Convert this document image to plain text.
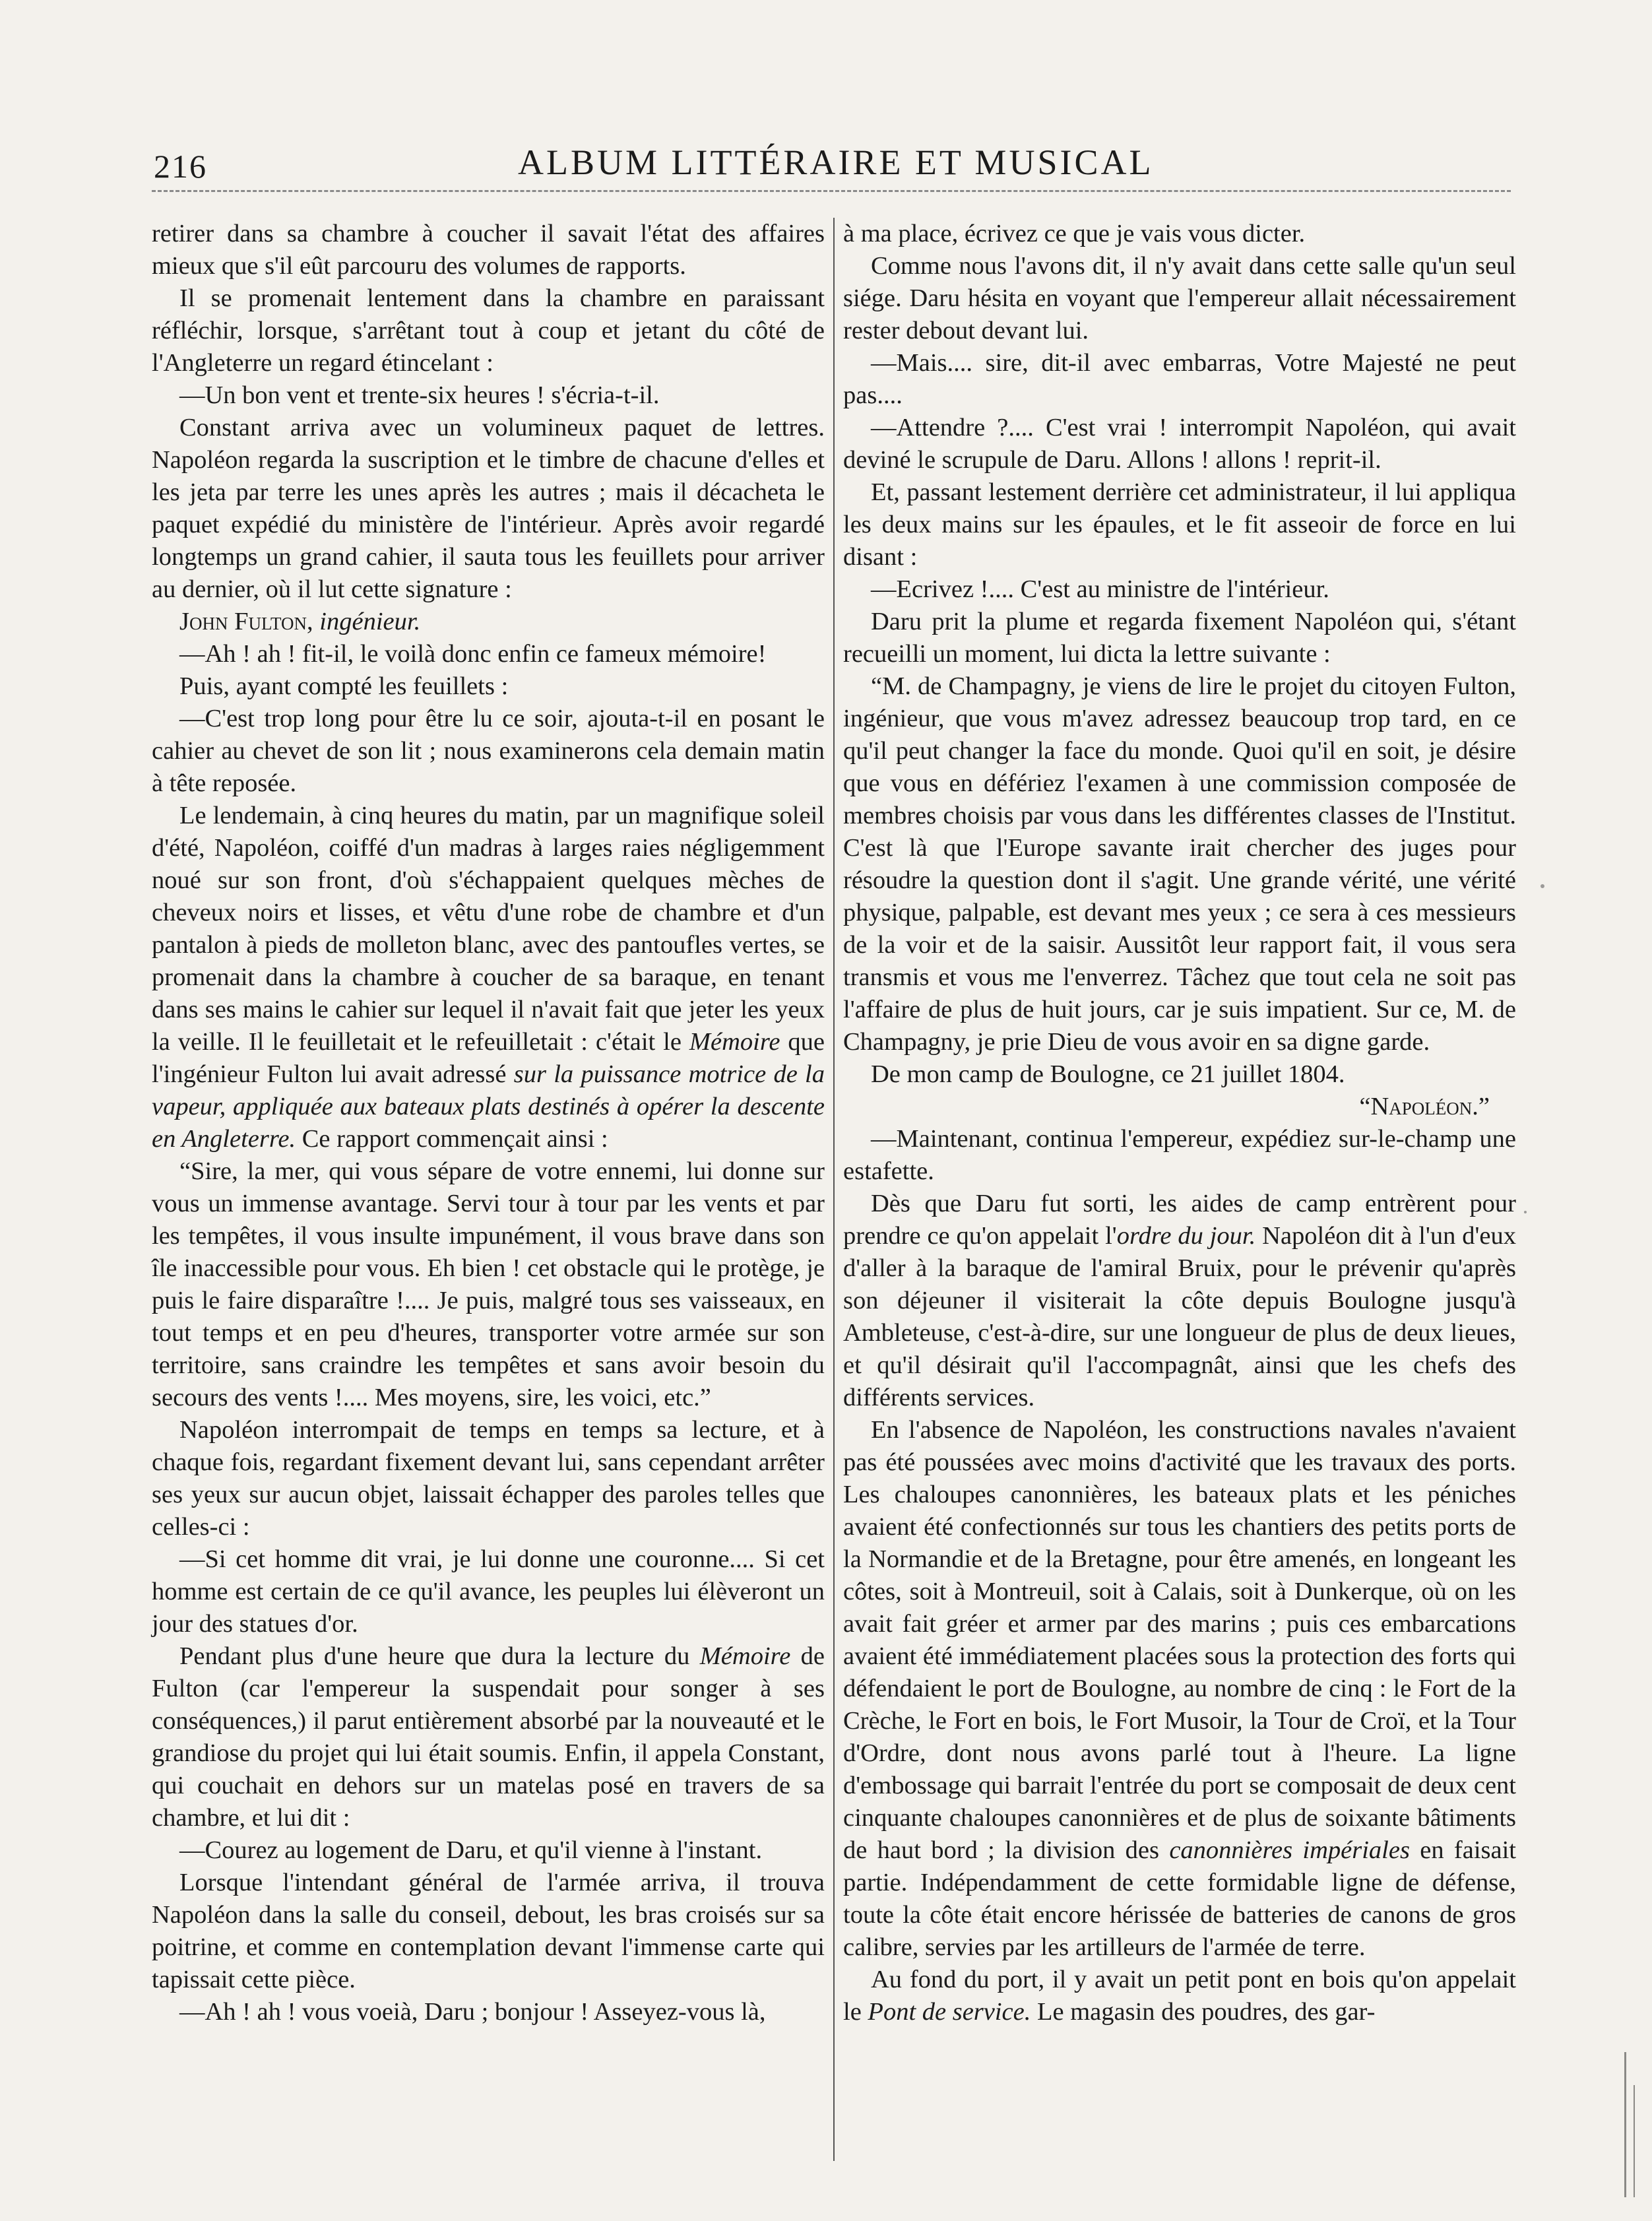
216	ALBUM LITTÉRAIRE ET MUSICAL

retirer dans sa chambre à coucher il savait l'état des affaires mieux que s'il eût parcouru des volumes de rapports.

Il se promenait lentement dans la chambre en paraissant réfléchir, lorsque, s'arrêtant tout à coup et jetant du côté de l'Angleterre un regard étincelant :

—Un bon vent et trente-six heures ! s'écria-t-il.

Constant arriva avec un volumineux paquet de lettres. Napoléon regarda la suscription et le timbre de chacune d'elles et les jeta par terre les unes après les autres ; mais il décacheta le paquet expédié du ministère de l'intérieur. Après avoir regardé longtemps un grand cahier, il sauta tous les feuillets pour arriver au dernier, où il lut cette signature :

John Fulton, ingénieur.

—Ah ! ah ! fit-il, le voilà donc enfin ce fameux mémoire!

Puis, ayant compté les feuillets :

—C'est trop long pour être lu ce soir, ajouta-t-il en posant le cahier au chevet de son lit ; nous examinerons cela demain matin à tête reposée.

Le lendemain, à cinq heures du matin, par un magnifique soleil d'été, Napoléon, coiffé d'un madras à larges raies négligemment noué sur son front, d'où s'échappaient quelques mèches de cheveux noirs et lisses, et vêtu d'une robe de chambre et d'un pantalon à pieds de molleton blanc, avec des pantoufles vertes, se promenait dans la chambre à coucher de sa baraque, en tenant dans ses mains le cahier sur lequel il n'avait fait que jeter les yeux la veille. Il le feuilletait et le refeuilletait : c'était le Mémoire que l'ingénieur Fulton lui avait adressé sur la puissance motrice de la vapeur, appliquée aux bateaux plats destinés à opérer la descente en Angleterre. Ce rapport commençait ainsi :

“Sire, la mer, qui vous sépare de votre ennemi, lui donne sur vous un immense avantage. Servi tour à tour par les vents et par les tempêtes, il vous insulte impunément, il vous brave dans son île inaccessible pour vous. Eh bien ! cet obstacle qui le protège, je puis le faire disparaître !.... Je puis, malgré tous ses vaisseaux, en tout temps et en peu d'heures, transporter votre armée sur son territoire, sans craindre les tempêtes et sans avoir besoin du secours des vents !.... Mes moyens, sire, les voici, etc.”

Napoléon interrompait de temps en temps sa lecture, et à chaque fois, regardant fixement devant lui, sans cependant arrêter ses yeux sur aucun objet, laissait échapper des paroles telles que celles-ci :

—Si cet homme dit vrai, je lui donne une couronne.... Si cet homme est certain de ce qu'il avance, les peuples lui élèveront un jour des statues d'or.

Pendant plus d'une heure que dura la lecture du Mémoire de Fulton (car l'empereur la suspendait pour songer à ses conséquences,) il parut entièrement absorbé par la nouveauté et le grandiose du projet qui lui était soumis. Enfin, il appela Constant, qui couchait en dehors sur un matelas posé en travers de sa chambre, et lui dit :

—Courez au logement de Daru, et qu'il vienne à l'instant.

Lorsque l'intendant général de l'armée arriva, il trouva Napoléon dans la salle du conseil, debout, les bras croisés sur sa poitrine, et comme en contemplation devant l'immense carte qui tapissait cette pièce.

—Ah ! ah ! vous voeià, Daru ; bonjour ! Asseyez-vous là,

à ma place, écrivez ce que je vais vous dicter.

Comme nous l'avons dit, il n'y avait dans cette salle qu'un seul siége. Daru hésita en voyant que l'empereur allait nécessairement rester debout devant lui.

—Mais.... sire, dit-il avec embarras, Votre Majesté ne peut pas....

—Attendre ?.... C'est vrai ! interrompit Napoléon, qui avait deviné le scrupule de Daru. Allons ! allons ! reprit-il.

Et, passant lestement derrière cet administrateur, il lui appliqua les deux mains sur les épaules, et le fit asseoir de force en lui disant :

—Ecrivez !.... C'est au ministre de l'intérieur.

Daru prit la plume et regarda fixement Napoléon qui, s'étant recueilli un moment, lui dicta la lettre suivante :

“M. de Champagny, je viens de lire le projet du citoyen Fulton, ingénieur, que vous m'avez adressez beaucoup trop tard, en ce qu'il peut changer la face du monde. Quoi qu'il en soit, je désire que vous en défériez l'examen à une commission composée de membres choisis par vous dans les différentes classes de l'Institut. C'est là que l'Europe savante irait chercher des juges pour résoudre la question dont il s'agit. Une grande vérité, une vérité physique, palpable, est devant mes yeux ; ce sera à ces messieurs de la voir et de la saisir. Aussitôt leur rapport fait, il vous sera transmis et vous me l'enverrez. Tâchez que tout cela ne soit pas l'affaire de plus de huit jours, car je suis impatient. Sur ce, M. de Champagny, je prie Dieu de vous avoir en sa digne garde.

De mon camp de Boulogne, ce 21 juillet 1804.

“Napoléon.”

—Maintenant, continua l'empereur, expédiez sur-le-champ une estafette.

Dès que Daru fut sorti, les aides de camp entrèrent pour prendre ce qu'on appelait l'ordre du jour. Napoléon dit à l'un d'eux d'aller à la baraque de l'amiral Bruix, pour le prévenir qu'après son déjeuner il visiterait la côte depuis Boulogne jusqu'à Ambleteuse, c'est-à-dire, sur une longueur de plus de deux lieues, et qu'il désirait qu'il l'accompagnât, ainsi que les chefs des différents services.

En l'absence de Napoléon, les constructions navales n'avaient pas été poussées avec moins d'activité que les travaux des ports. Les chaloupes canonnières, les bateaux plats et les péniches avaient été confectionnés sur tous les chantiers des petits ports de la Normandie et de la Bretagne, pour être amenés, en longeant les côtes, soit à Montreuil, soit à Calais, soit à Dunkerque, où on les avait fait gréer et armer par des marins ; puis ces embarcations avaient été immédiatement placées sous la protection des forts qui défendaient le port de Boulogne, au nombre de cinq : le Fort de la Crèche, le Fort en bois, le Fort Musoir, la Tour de Croï, et la Tour d'Ordre, dont nous avons parlé tout à l'heure. La ligne d'embossage qui barrait l'entrée du port se composait de deux cent cinquante chaloupes canonnières et de plus de soixante bâtiments de haut bord ; la division des canonnières impériales en faisait partie. Indépendamment de cette formidable ligne de défense, toute la côte était encore hérissée de batteries de canons de gros calibre, servies par les artilleurs de l'armée de terre.

Au fond du port, il y avait un petit pont en bois qu'on appelait le Pont de service. Le magasin des poudres, des gar-
